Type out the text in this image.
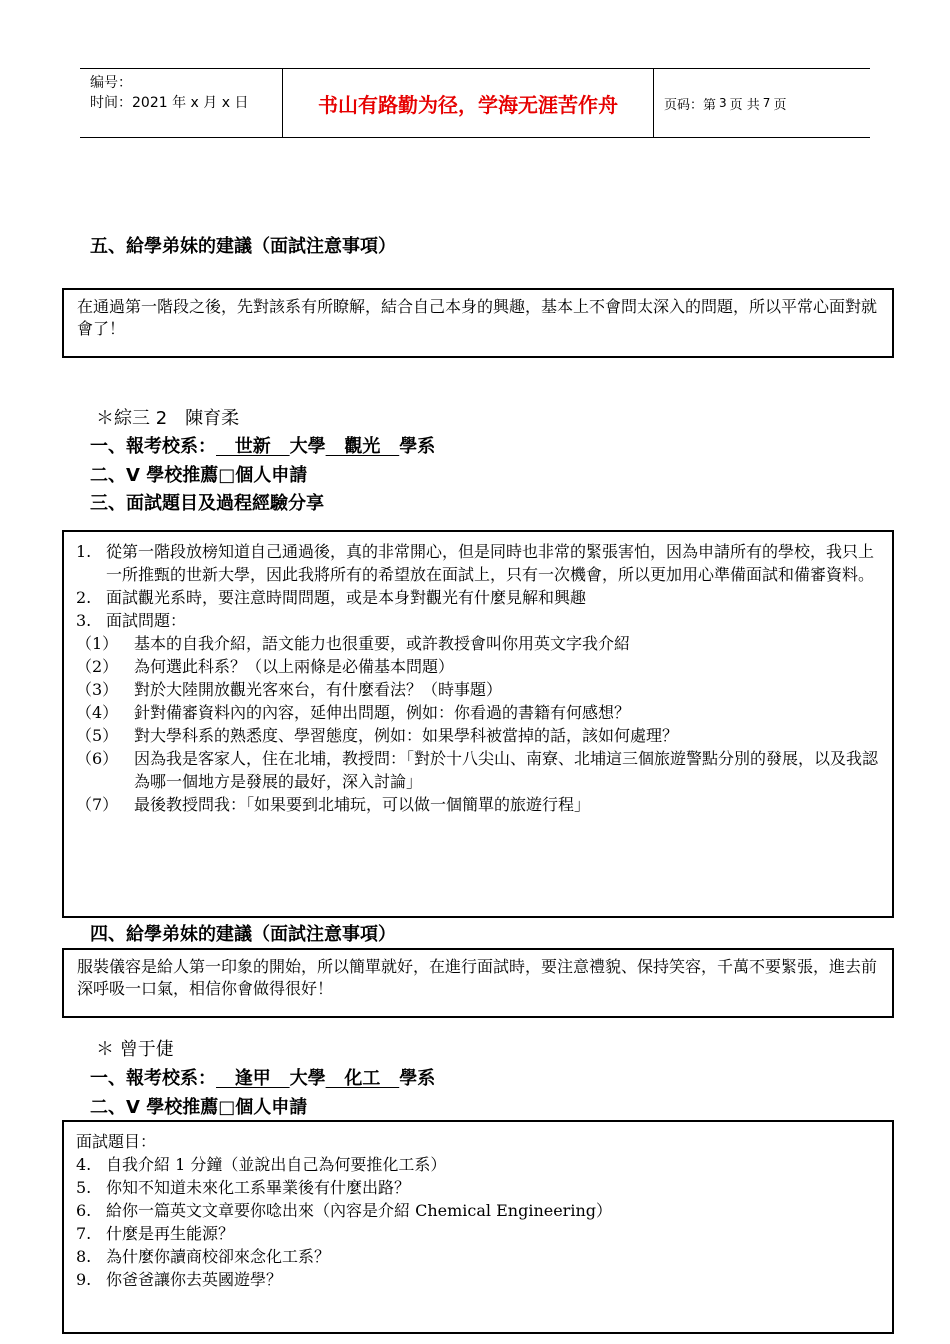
编号：
时间：2021 年 x 月 x 日	书山有路勤为径，学海无涯苦作舟	页码：第 3 页 共 7 页
五、給學弟妹的建議（面試注意事項）
在通過第一階段之後，先對該系有所瞭解，結合自己本身的興趣，基本上不會問太深入的問題，所以平常心面對就會了！
＊綜三 2　陳育柔
一、報考校系：   世新   大學   觀光   學系
二、V 學校推薦□個人申請
三、面試題目及過程經驗分享
1. 從第一階段放榜知道自己通過後，真的非常開心，但是同時也非常的緊張害怕，因為申請所有的學校，我只上一所推甄的世新大學，因此我將所有的希望放在面試上，只有一次機會，所以更加用心準備面試和備審資料。
2. 面試觀光系時，要注意時間問題，或是本身對觀光有什麼見解和興趣
3. 面試問題：
（1） 基本的自我介紹，語文能力也很重要，或許教授會叫你用英文字我介紹
（2） 為何選此科系？（以上兩條是必備基本問題）
（3） 對於大陸開放觀光客來台，有什麼看法？（時事題）
（4） 針對備審資料內的內容，延伸出問題，例如：你看過的書籍有何感想？
（5） 對大學科系的熟悉度、學習態度，例如：如果學科被當掉的話，該如何處理？
（6） 因為我是客家人，住在北埔，教授問：「對於十八尖山、南寮、北埔這三個旅遊警點分別的發展，以及我認為哪一個地方是發展的最好，深入討論」
（7） 最後教授問我：「如果要到北埔玩，可以做一個簡單的旅遊行程」
四、給學弟妹的建議（面試注意事項）
服裝儀容是給人第一印象的開始，所以簡單就好，在進行面試時，要注意禮貌、保持笑容，千萬不要緊張，進去前深呼吸一口氣，相信你會做得很好！
＊ 曾于倢
一、報考校系：   逢甲   大學   化工   學系
二、V 學校推薦□個人申請
面試題目：
4. 自我介紹 1 分鐘（並說出自己為何要推化工系）
5. 你知不知道未來化工系畢業後有什麼出路？
6. 給你一篇英文文章要你唸出來（內容是介紹 Chemical Engineering）
7. 什麼是再生能源？
8. 為什麼你讀商校卻來念化工系？
9. 你爸爸讓你去英國遊學？
